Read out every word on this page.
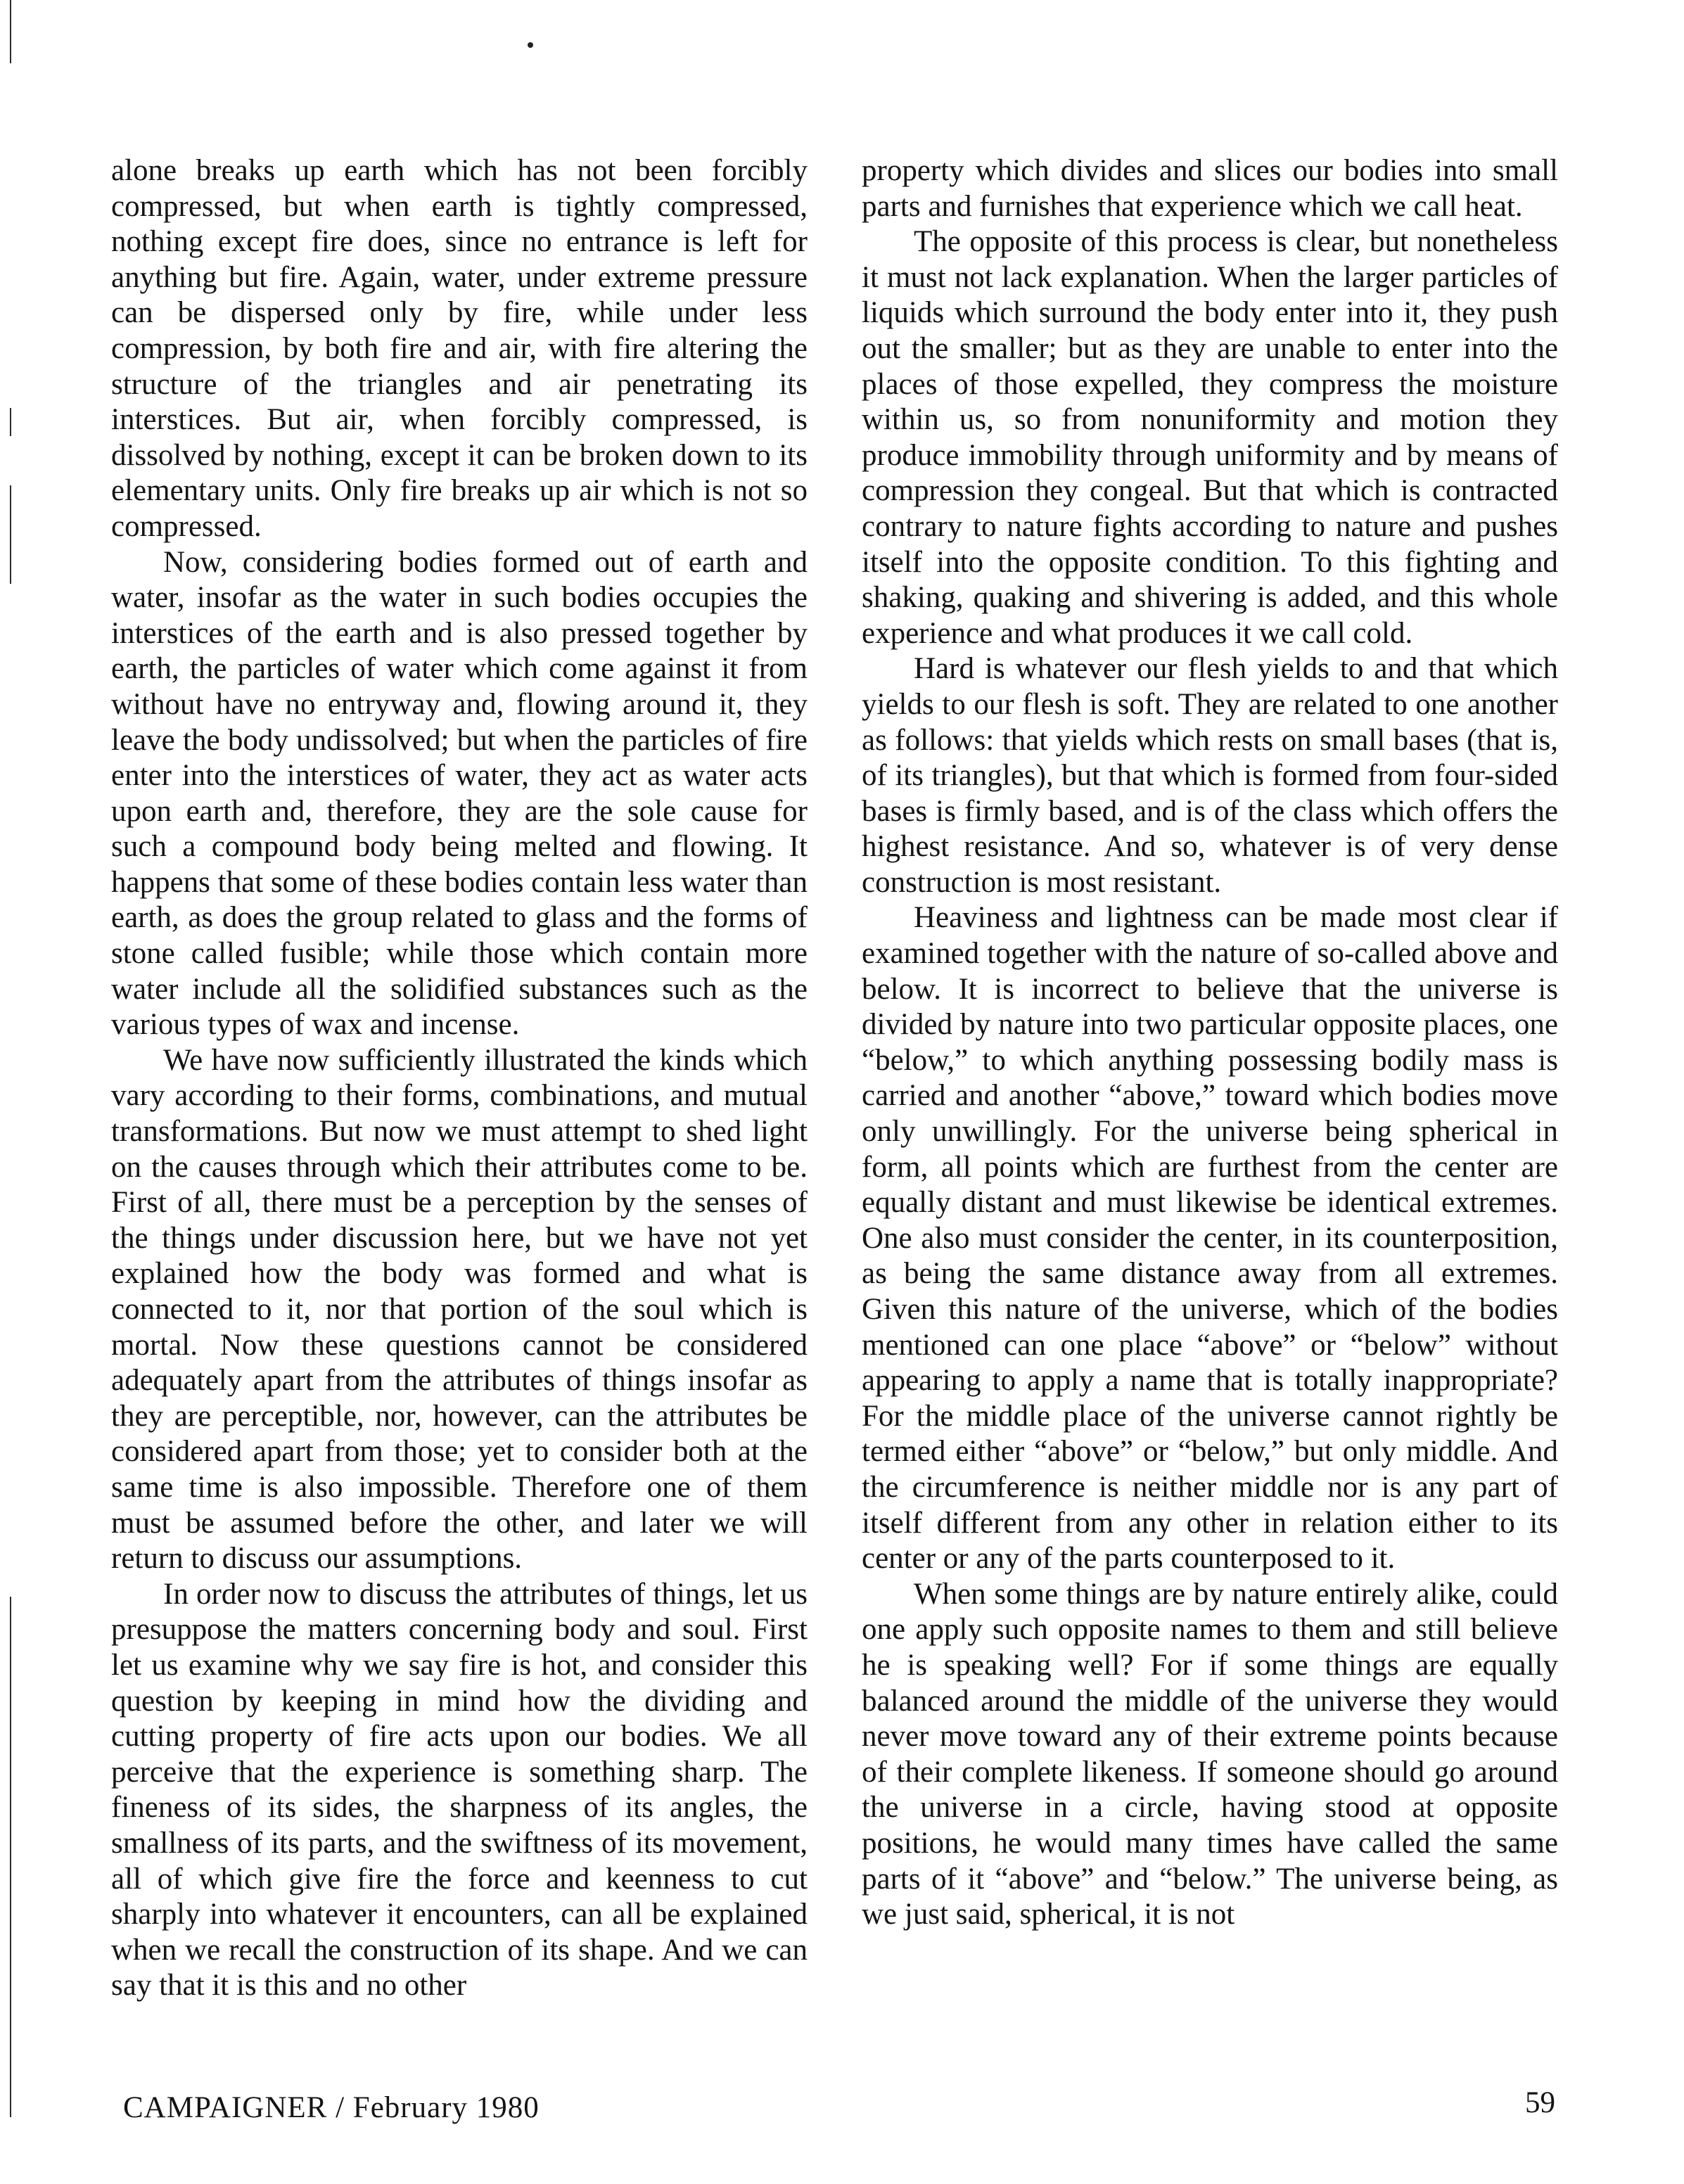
alone breaks up earth which has not been forcibly compressed, but when earth is tightly compressed, nothing except fire does, since no entrance is left for anything but fire. Again, water, under extreme pressure can be dispersed only by fire, while under less compression, by both fire and air, with fire altering the structure of the triangles and air penetrating its interstices. But air, when forcibly compressed, is dissolved by nothing, except it can be broken down to its elementary units. Only fire breaks up air which is not so compressed.

Now, considering bodies formed out of earth and water, insofar as the water in such bodies occupies the interstices of the earth and is also pressed together by earth, the particles of water which come against it from without have no entryway and, flowing around it, they leave the body undissolved; but when the particles of fire enter into the interstices of water, they act as water acts upon earth and, therefore, they are the sole cause for such a compound body being melted and flowing. It happens that some of these bodies contain less water than earth, as does the group related to glass and the forms of stone called fusible; while those which contain more water include all the solidified substances such as the various types of wax and incense.

We have now sufficiently illustrated the kinds which vary according to their forms, combinations, and mutual transformations. But now we must attempt to shed light on the causes through which their attributes come to be. First of all, there must be a perception by the senses of the things under discussion here, but we have not yet explained how the body was formed and what is connected to it, nor that portion of the soul which is mortal. Now these questions cannot be considered adequately apart from the attributes of things insofar as they are perceptible, nor, however, can the attributes be considered apart from those; yet to consider both at the same time is also impossible. Therefore one of them must be assumed before the other, and later we will return to discuss our assumptions.

In order now to discuss the attributes of things, let us presuppose the matters concerning body and soul. First let us examine why we say fire is hot, and consider this question by keeping in mind how the dividing and cutting property of fire acts upon our bodies. We all perceive that the experience is something sharp. The fineness of its sides, the sharpness of its angles, the smallness of its parts, and the swiftness of its movement, all of which give fire the force and keenness to cut sharply into whatever it encounters, can all be explained when we recall the construction of its shape. And we can say that it is this and no other

property which divides and slices our bodies into small parts and furnishes that experience which we call heat.

The opposite of this process is clear, but nonetheless it must not lack explanation. When the larger particles of liquids which surround the body enter into it, they push out the smaller; but as they are unable to enter into the places of those expelled, they compress the moisture within us, so from nonuniformity and motion they produce immobility through uniformity and by means of compression they congeal. But that which is contracted contrary to nature fights according to nature and pushes itself into the opposite condition. To this fighting and shaking, quaking and shivering is added, and this whole experience and what produces it we call cold.

Hard is whatever our flesh yields to and that which yields to our flesh is soft. They are related to one another as follows: that yields which rests on small bases (that is, of its triangles), but that which is formed from four-sided bases is firmly based, and is of the class which offers the highest resistance. And so, whatever is of very dense construction is most resistant.

Heaviness and lightness can be made most clear if examined together with the nature of so-called above and below. It is incorrect to believe that the universe is divided by nature into two particular opposite places, one “below,” to which anything possessing bodily mass is carried and another “above,” toward which bodies move only unwillingly. For the universe being spherical in form, all points which are furthest from the center are equally distant and must likewise be identical extremes. One also must consider the center, in its counterposition, as being the same distance away from all extremes. Given this nature of the universe, which of the bodies mentioned can one place “above” or “below” without appearing to apply a name that is totally inappropriate? For the middle place of the universe cannot rightly be termed either “above” or “below,” but only middle. And the circumference is neither middle nor is any part of itself different from any other in relation either to its center or any of the parts counterposed to it.

When some things are by nature entirely alike, could one apply such opposite names to them and still believe he is speaking well? For if some things are equally balanced around the middle of the universe they would never move toward any of their extreme points because of their complete likeness. If someone should go around the universe in a circle, having stood at opposite positions, he would many times have called the same parts of it “above” and “below.” The universe being, as we just said, spherical, it is not

CAMPAIGNER / February 1980	59
